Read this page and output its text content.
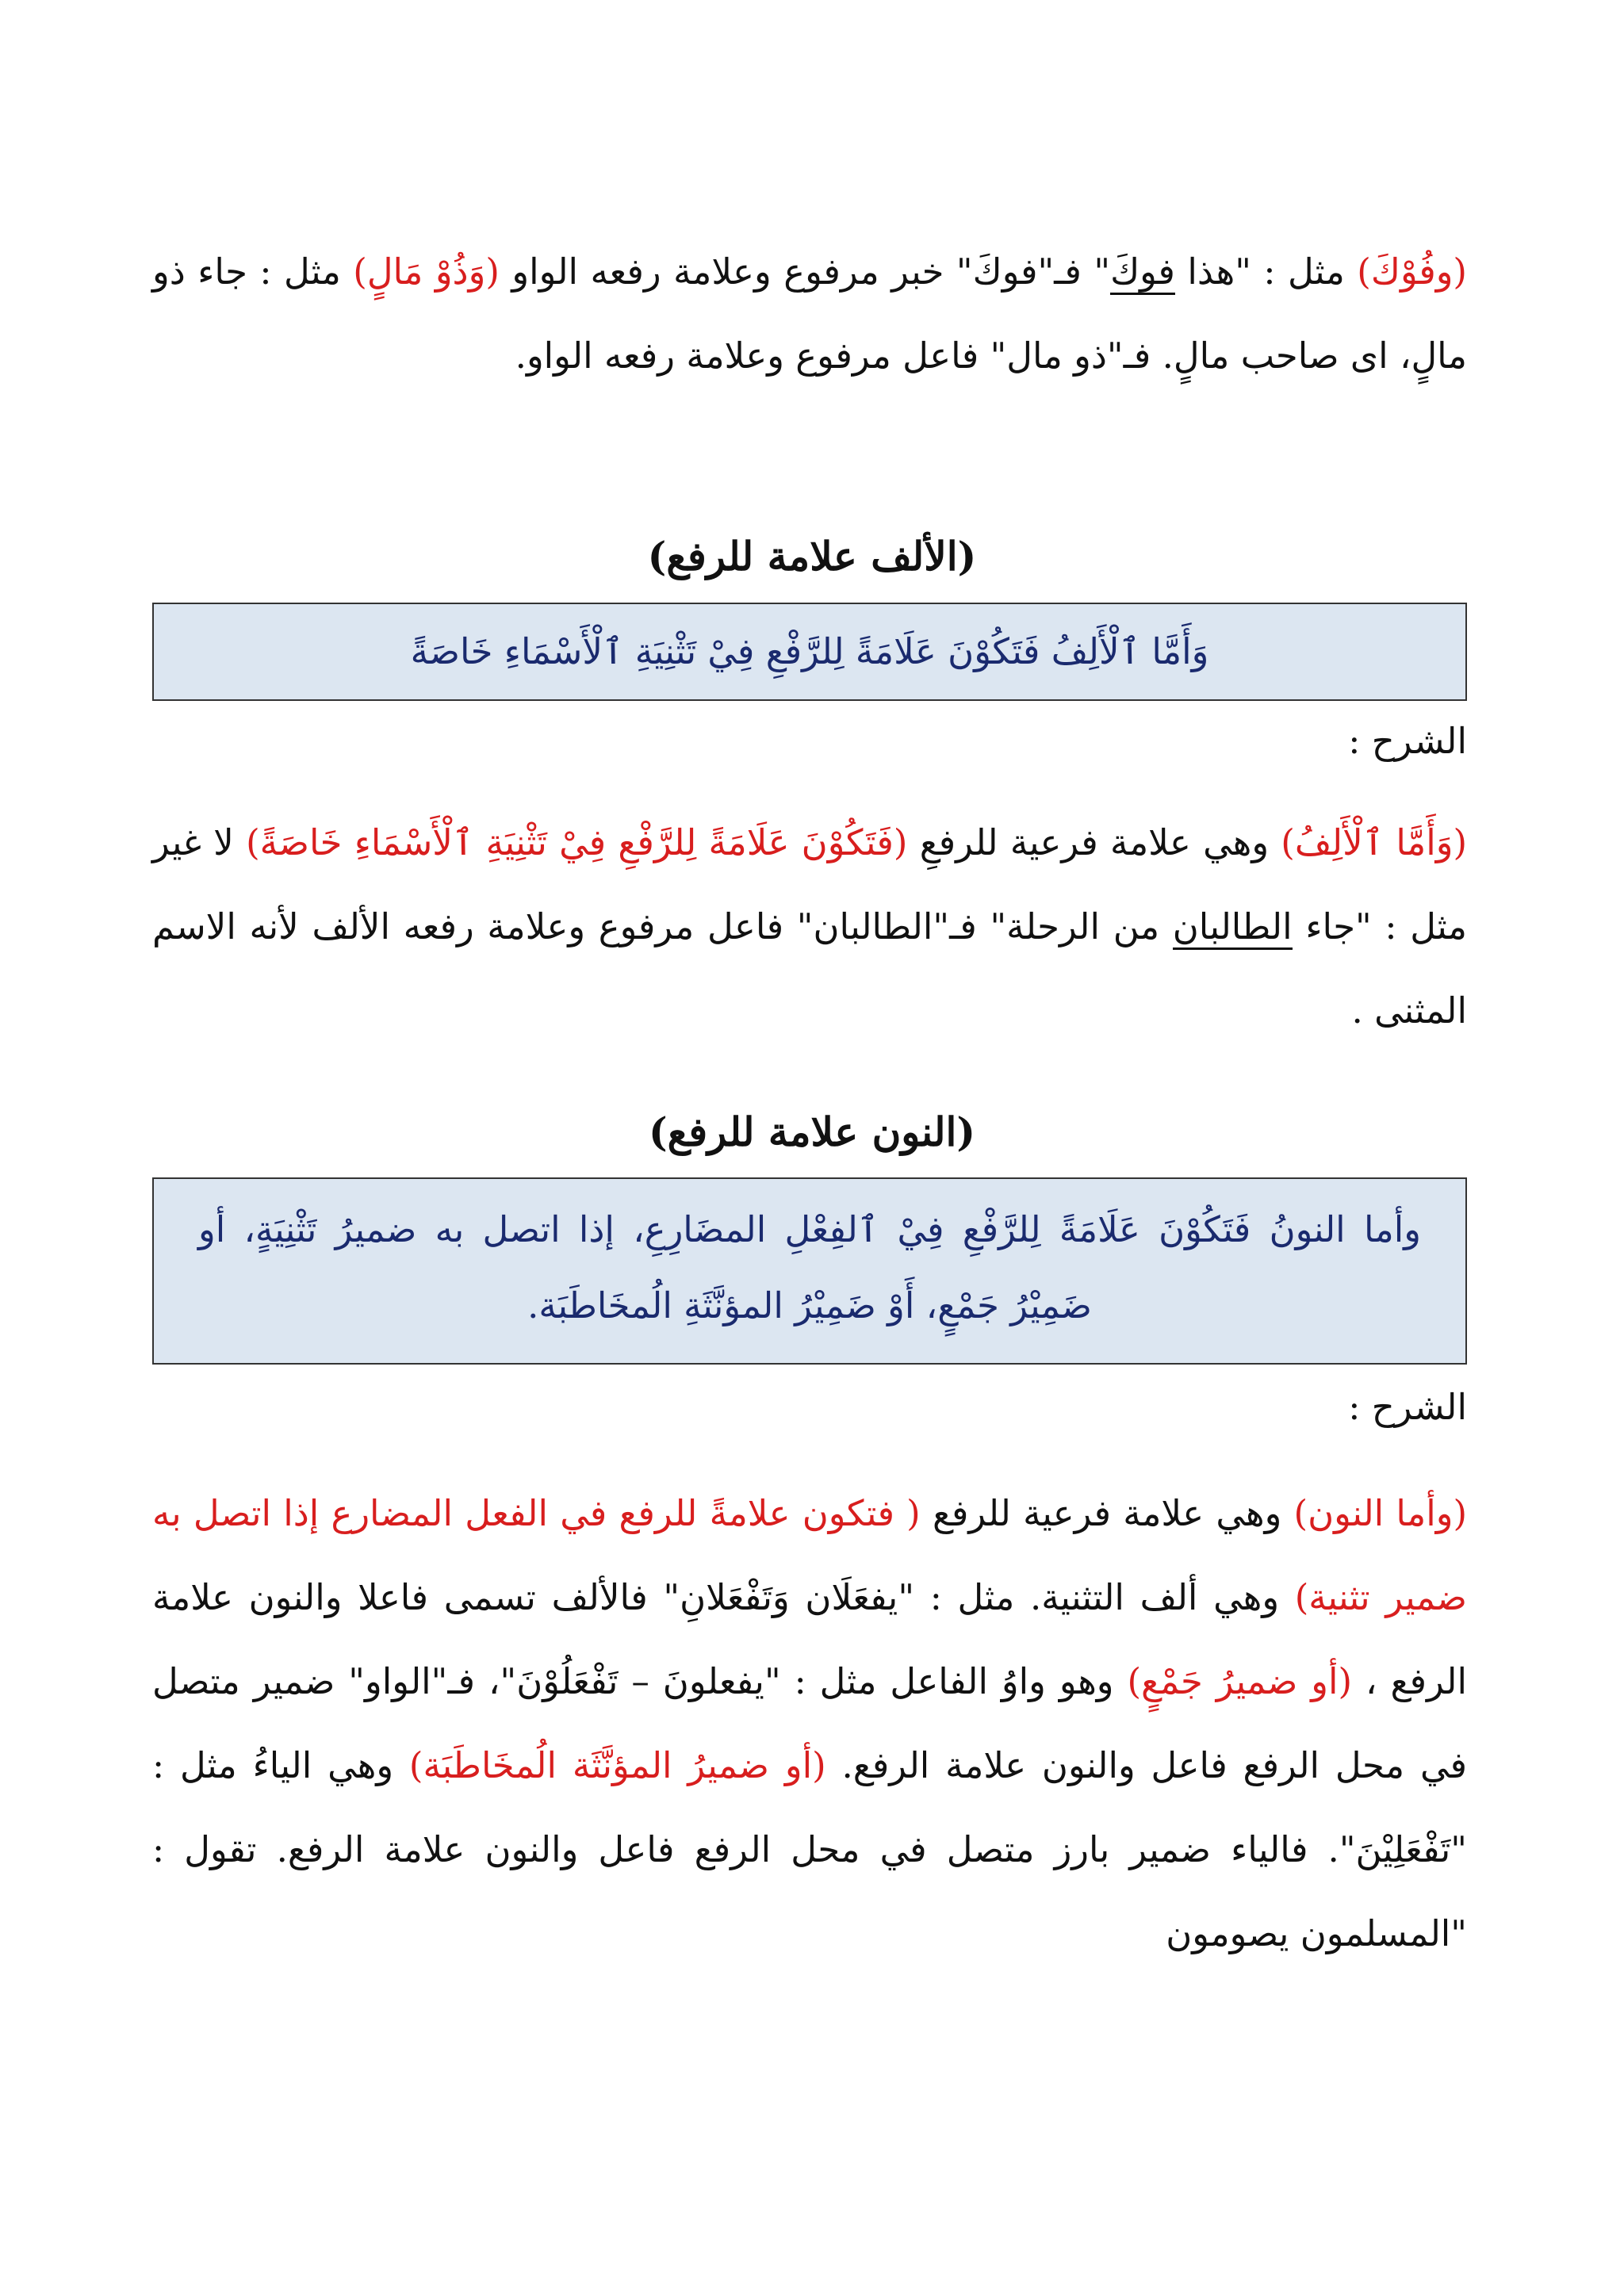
(وفُوْكَ) مثل : "هذا فوكَ" فـ"فوكَ" خبر مرفوع وعلامة رفعه الواو (وَذُوْ مَالٍ) مثل : جاء ذو مالٍ، اى صاحب مالٍ. فـ"ذو مال" فاعل مرفوع وعلامة رفعه الواو.

(الألف علامة للرفع)
وَأَمَّا ٱلْأَلِفُ فَتَكُوْنَ عَلَامَةً لِلرَّفْعِ فِيْ تَثْنِيَةِ ٱلْأَسْمَاءِ خَاصَةً
الشرح :

(وَأَمَّا ٱلْأَلِفُ) وهي علامة فرعية للرفعِ (فَتَكُوْنَ عَلَامَةً لِلرَّفْعِ فِيْ تَثْنِيَةِ ٱلْأَسْمَاءِ خَاصَةً) لا غير مثل : "جاء الطالبان من الرحلة" فـ"الطالبان" فاعل مرفوع وعلامة رفعه الألف لأنه الاسم المثنى .

(النون علامة للرفع)
وأما النونُ فَتَكُوْنَ عَلَامَةً لِلرَّفْعِ فِيْ ٱلفِعْلِ المضَارِعِ، إذا اتصل به ضميرُ تَثْنِيَةٍ، أو ضَمِيْرُ جَمْعٍ، أَوْ ضَمِيْرُ المؤنَّثَةِ الُمخَاطَبَة.
الشرح :

(وأما النون) وهي علامة فرعية للرفع ( فتكون علامةً للرفع في الفعل المضارع إذا اتصل به ضمير تثنية) وهي ألف التثنية. مثل : "يفعَلَان وَتَفْعَلانِ" فالألف تسمى فاعلا والنون علامة الرفع ، (أو ضميرُ جَمْعٍ) وهو واوُ الفاعل مثل : "يفعلونَ – تَفْعَلُوْنَ"، فـ"الواو" ضمير متصل في محل الرفع فاعل والنون علامة الرفع. (أو ضميرُ المؤنَّثَة الُمخَاطَبَة) وهي الياءُ مثل : "تَفْعَلِيْنَ". فالياء ضمير بارز متصل في محل الرفع فاعل والنون علامة الرفع. تقول : "المسلمون يصومون
